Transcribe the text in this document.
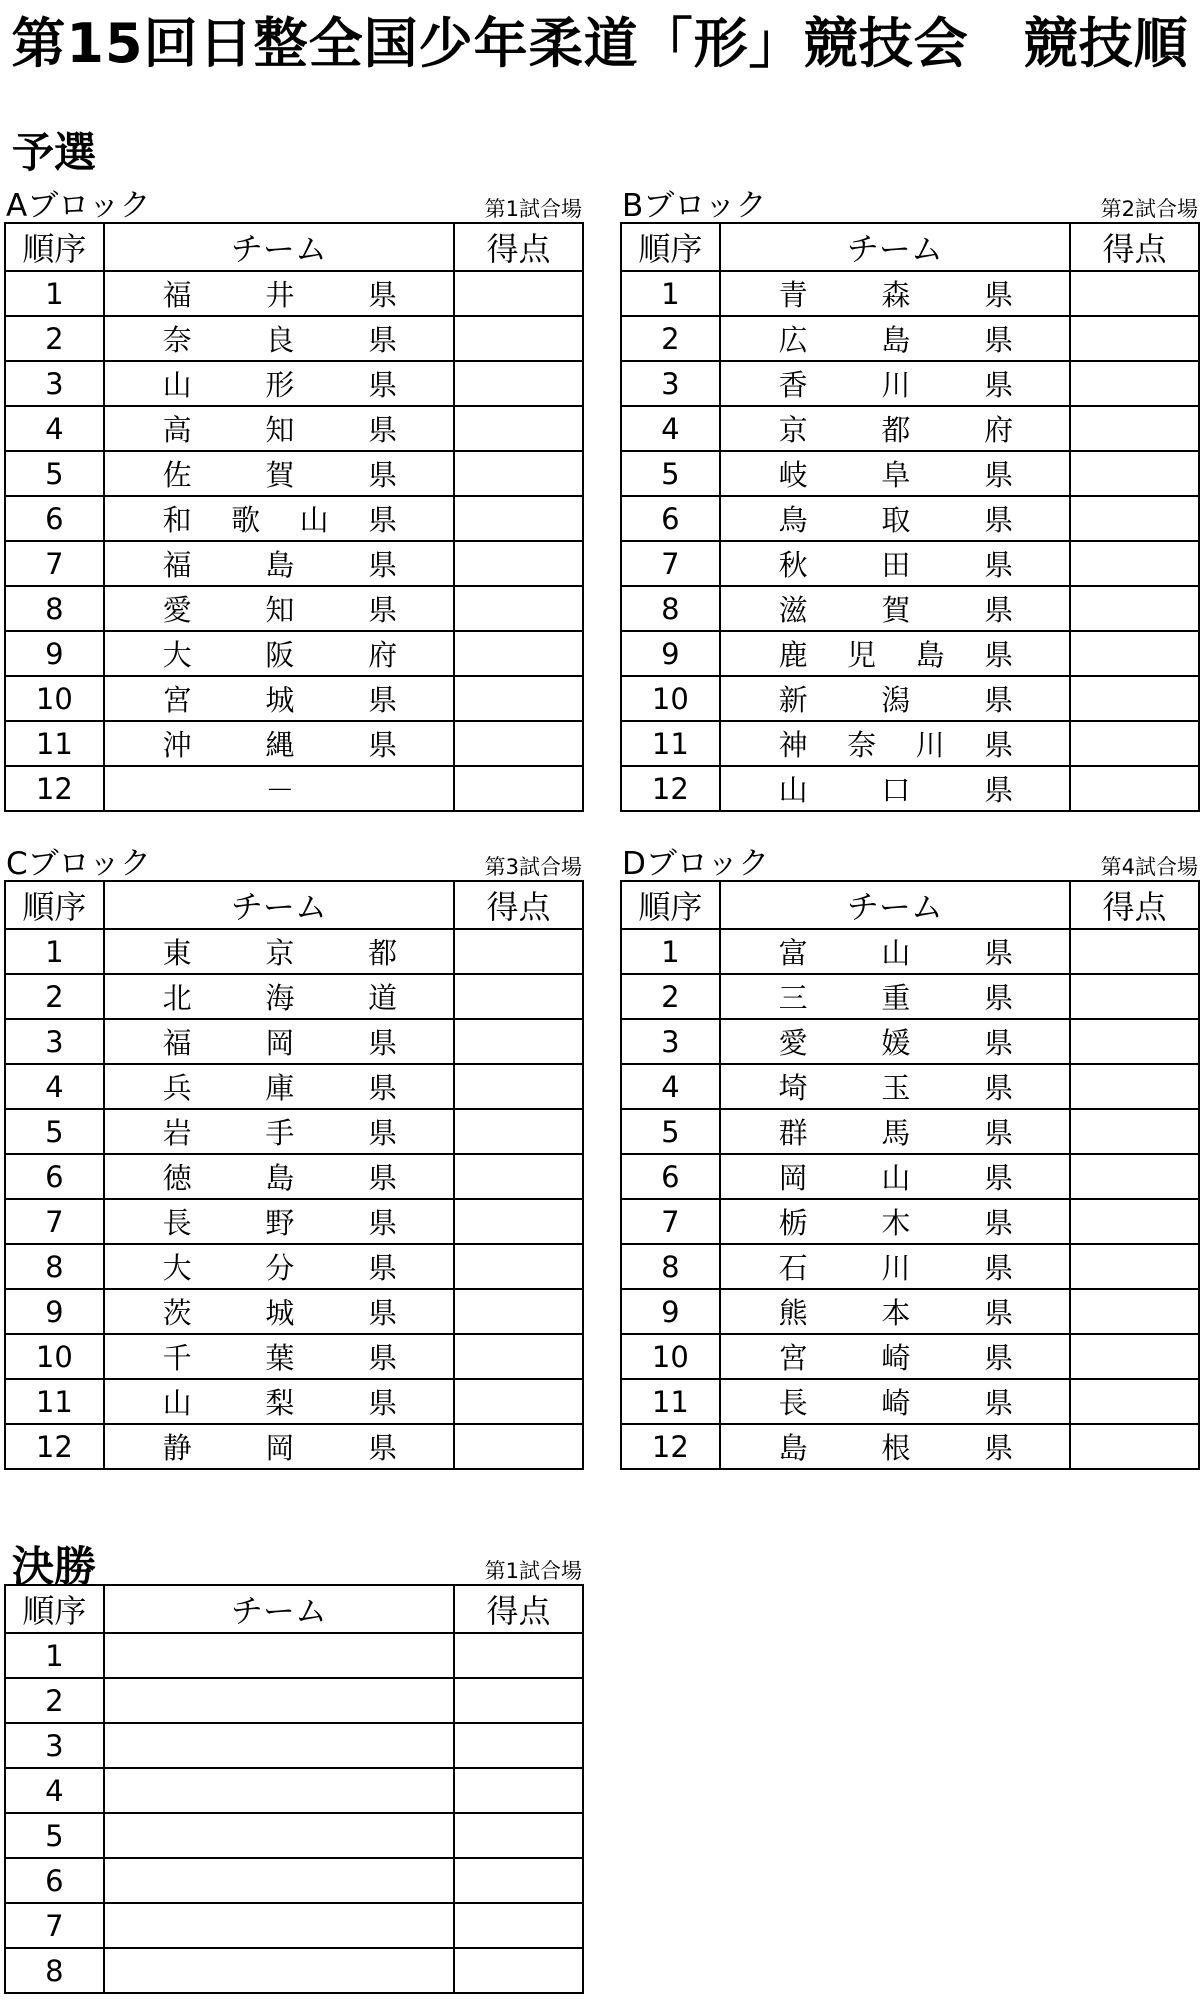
第15回日整全国少年柔道「形」競技会　競技順
予選
Aブロック	第1試合場
順序	チーム	得点
1	福 井 県	

2	奈 良 県	

3	山 形 県	

4	高 知 県	

5	佐 賀 県	

6	和 歌 山 県	

7	福 島 県	

8	愛 知 県	

9	大 阪 府	

10	宮 城 県	

11	沖 縄 県	

12	－	

Bブロック	第2試合場
順序	チーム	得点
1	青 森 県	

2	広 島 県	

3	香 川 県	

4	京 都 府	

5	岐 阜 県	

6	鳥 取 県	

7	秋 田 県	

8	滋 賀 県	

9	鹿 児 島 県	

10	新 潟 県	

11	神 奈 川 県	

12	山 口 県	

Cブロック	第3試合場
順序	チーム	得点
1	東 京 都	

2	北 海 道	

3	福 岡 県	

4	兵 庫 県	

5	岩 手 県	

6	徳 島 県	

7	長 野 県	

8	大 分 県	

9	茨 城 県	

10	千 葉 県	

11	山 梨 県	

12	静 岡 県	

Dブロック	第4試合場
順序	チーム	得点
1	富 山 県	

2	三 重 県	

3	愛 媛 県	

4	埼 玉 県	

5	群 馬 県	

6	岡 山 県	

7	栃 木 県	

8	石 川 県	

9	熊 本 県	

10	宮 崎 県	

11	長 崎 県	

12	島 根 県	

決勝	第1試合場
順序	チーム	得点
1	

2	

3	

4	

5	

6	

7	

8	
